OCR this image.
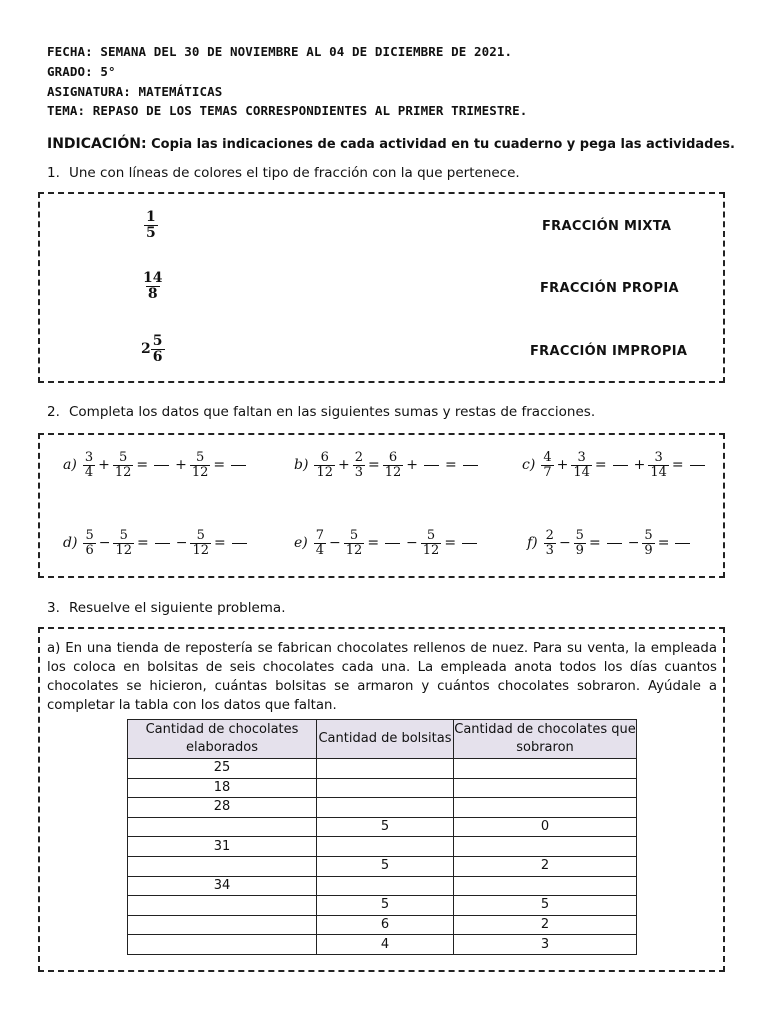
FECHA: SEMANA DEL 30 DE NOVIEMBRE AL 04 DE DICIEMBRE DE 2021.
GRADO: 5°
ASIGNATURA: MATEMÁTICAS
TEMA: REPASO DE LOS TEMAS CORRESPONDIENTES AL PRIMER TRIMESTRE.
INDICACIÓN: Copia las indicaciones de cada actividad en tu cuaderno y pega las actividades.
1. Une con líneas de colores el tipo de fracción con la que pertenece.
$\frac{1}{5}$
$\frac{14}{8}$
$2 \frac{5}{6}$
FRACCIÓN MIXTA
FRACCIÓN PROPIA
FRACCIÓN IMPROPIA
2. Completa los datos que faltan en las siguientes sumas y restas de fracciones.
$a) \frac{3}{4} + \frac{5}{12}$ = + $\frac{5}{12}$ =	$b) \frac{6}{12} + \frac{2}{3} = \frac{6}{12}$ + =	$c) \frac{4}{7} + \frac{3}{14}$ = + $\frac{3}{14}$ =
$d) \frac{5}{6} - \frac{5}{12}$ = − $\frac{5}{12}$ =	$e) \frac{7}{4} - \frac{5}{12}$ = − $\frac{5}{12}$ =	$f) \frac{2}{3} - \frac{5}{9}$ = − $\frac{5}{9}$ =
3. Resuelve el siguiente problema.
a) En una tienda de repostería se fabrican chocolates rellenos de nuez. Para su venta, la empleada los coloca en bolsitas de seis chocolates cada una. La empleada anota todos los días cuantos chocolates se hicieron, cuántas bolsitas se armaron y cuántos chocolates sobraron. Ayúdale a completar la tabla con los datos que faltan.
Cantidad de chocolates elaborados	Cantidad de bolsitas	Cantidad de chocolates que sobraron
25		
18		
28		
	5	0
31		
	5	2
34		
	5	5
	6	2
	4	3
